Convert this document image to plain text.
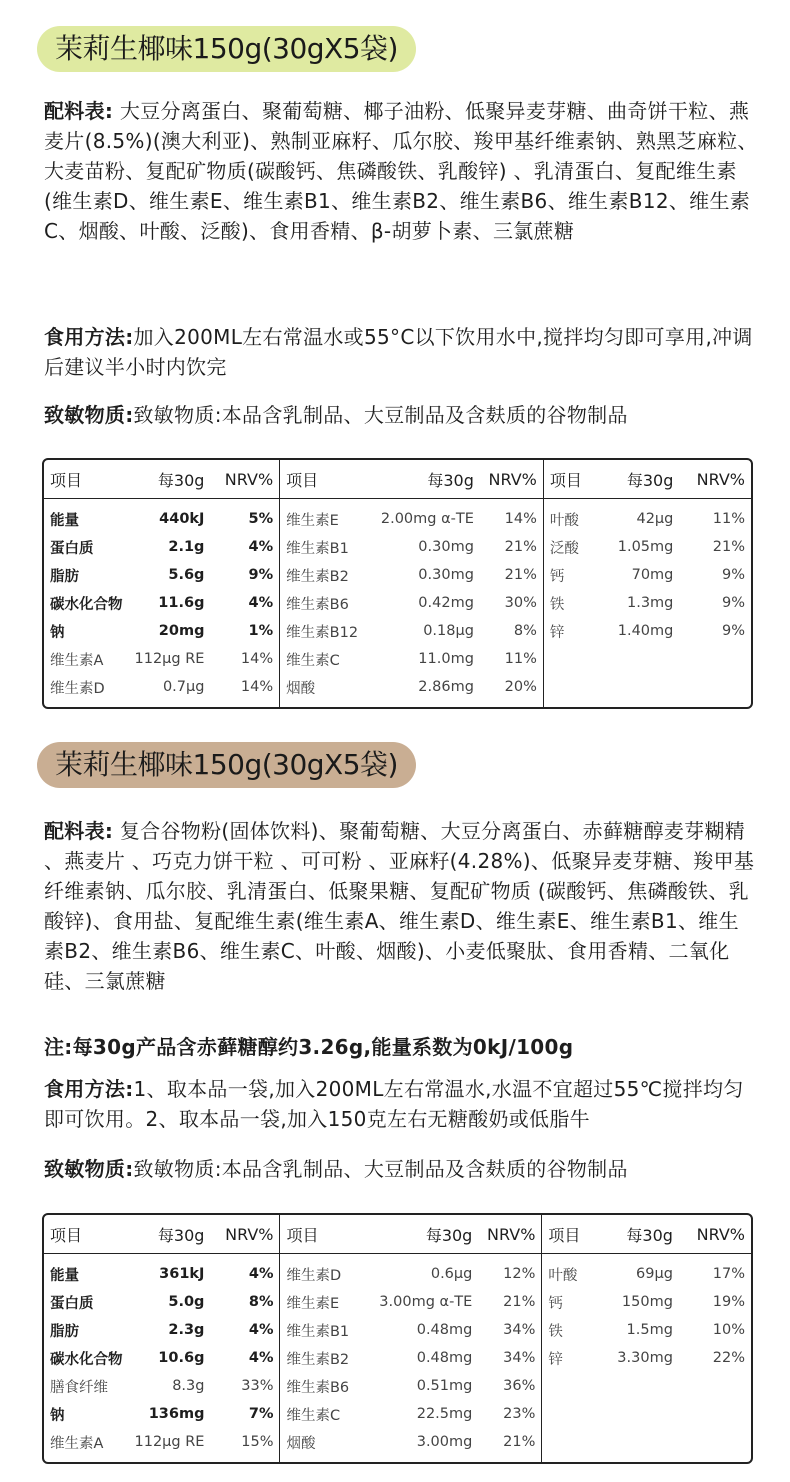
茉莉生椰味150g(30gX5袋)

配料表: 大豆分离蛋白、聚葡萄糖、椰子油粉、低聚异麦芽糖、曲奇饼干粒、燕麦片(8.5%)(澳大利亚)、熟制亚麻籽、瓜尔胶、羧甲基纤维素钠、熟黑芝麻粒、大麦苗粉、复配矿物质(碳酸钙、焦磷酸铁、乳酸锌) 、乳清蛋白、复配维生素(维生素D、维生素E、维生素B1、维生素B2、维生素B6、维生素B12、维生素C、烟酸、叶酸、泛酸)、食用香精、β-胡萝卜素、三氯蔗糖

食用方法:加入200ML左右常温水或55°C以下饮用水中,搅拌均匀即可享用,冲调后建议半小时内饮完

致敏物质:致敏物质:本品含乳制品、大豆制品及含麸质的谷物制品

项目	每30g	NRV%	项目	每30g	NRV%	项目	每30g	NRV%
能量	440kJ	5%	维生素E	2.00mg α-TE	14%	叶酸	42μg	11%
蛋白质	2.1g	4%	维生素B1	0.30mg	21%	泛酸	1.05mg	21%
脂肪	5.6g	9%	维生素B2	0.30mg	21%	钙	70mg	9%
碳水化合物	11.6g	4%	维生素B6	0.42mg	30%	铁	1.3mg	9%
钠	20mg	1%	维生素B12	0.18μg	8%	锌	1.40mg	9%
维生素A	112μg RE	14%	维生素C	11.0mg	11%			
维生素D	0.7μg	14%	烟酸	2.86mg	20%			

茉莉生椰味150g(30gX5袋)

配料表: 复合谷物粉(固体饮料)、聚葡萄糖、大豆分离蛋白、赤藓糖醇麦芽糊精 、燕麦片 、巧克力饼干粒 、可可粉 、亚麻籽(4.28%)、低聚异麦芽糖、羧甲基纤维素钠、瓜尔胶、乳清蛋白、低聚果糖、复配矿物质 (碳酸钙、焦磷酸铁、乳酸锌)、食用盐、复配维生素(维生素A、维生素D、维生素E、维生素B1、维生素B2、维生素B6、维生素C、叶酸、烟酸)、小麦低聚肽、食用香精、二氧化硅、三氯蔗糖

注:每30g产品含赤藓糖醇约3.26g,能量系数为0kJ/100g

食用方法:1、取本品一袋,加入200ML左右常温水,水温不宜超过55℃搅拌均匀即可饮用。2、取本品一袋,加入150克左右无糖酸奶或低脂牛

致敏物质:致敏物质:本品含乳制品、大豆制品及含麸质的谷物制品

项目	每30g	NRV%	项目	每30g	NRV%	项目	每30g	NRV%
能量	361kJ	4%	维生素D	0.6μg	12%	叶酸	69μg	17%
蛋白质	5.0g	8%	维生素E	3.00mg α-TE	21%	钙	150mg	19%
脂肪	2.3g	4%	维生素B1	0.48mg	34%	铁	1.5mg	10%
碳水化合物	10.6g	4%	维生素B2	0.48mg	34%	锌	3.30mg	22%
膳食纤维	8.3g	33%	维生素B6	0.51mg	36%			
钠	136mg	7%	维生素C	22.5mg	23%			
维生素A	112μg RE	15%	烟酸	3.00mg	21%			
